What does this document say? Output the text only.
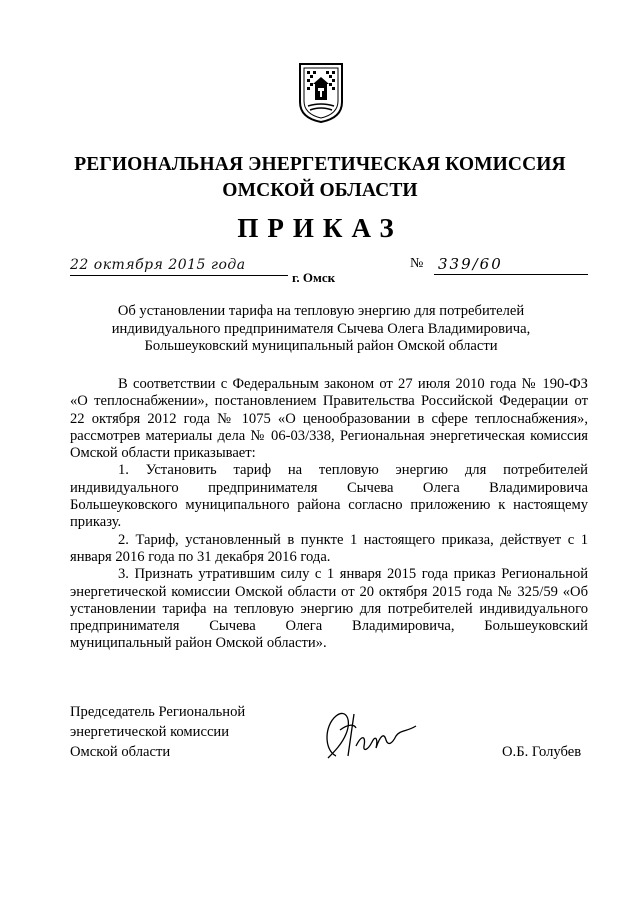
РЕГИОНАЛЬНАЯ ЭНЕРГЕТИЧЕСКАЯ КОМИССИЯ
ОМСКОЙ ОБЛАСТИ
ПРИКАЗ
22 октября 2015 года
г. Омск
№ 339/60
Об установлении тарифа на тепловую энергию для потребителей
индивидуального предпринимателя Сычева Олега Владимировича,
Большеуковский муниципальный район Омской области

В соответствии с Федеральным законом от 27 июля 2010 года № 190-ФЗ «О теплоснабжении», постановлением Правительства Российской Федерации от 22 октября 2012 года № 1075 «О ценообразовании в сфере теплоснабжения», рассмотрев материалы дела № 06-03/338, Региональная энергетическая комиссия Омской области приказывает:

1. Установить тариф на тепловую энергию для потребителей индивидуального предпринимателя Сычева Олега Владимировича Большеуковского муниципального района согласно приложению к настоящему приказу.

2. Тариф, установленный в пункте 1 настоящего приказа, действует с 1 января 2016 года по 31 декабря 2016 года.

3. Признать утратившим силу с 1 января 2015 года приказ Региональной энергетической комиссии Омской области от 20 октября 2015 года № 325/59 «Об установлении тарифа на тепловую энергию для потребителей индивидуального предпринимателя Сычева Олега Владимировича, Большеуковский муниципальный район Омской области».

Председатель Региональной
энергетической комиссии
Омской области	О.Б. Голубев
